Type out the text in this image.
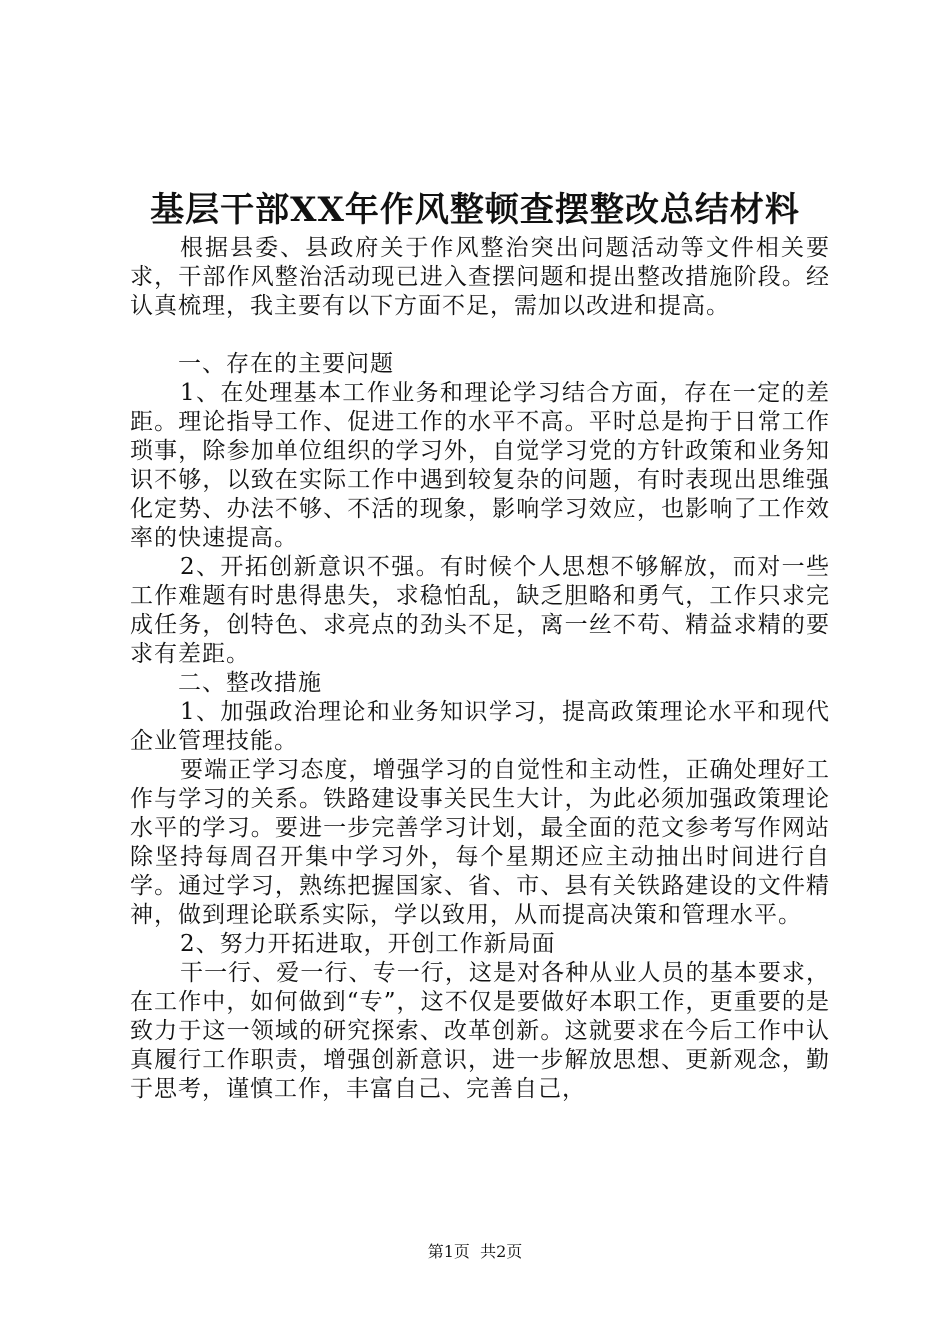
基层干部XX年作风整顿查摆整改总结材料

根据县委、县政府关于作风整治突出问题活动等文件相关要求，干部作风整治活动现已进入查摆问题和提出整改措施阶段。经认真梳理，我主要有以下方面不足，需加以改进和提高。

一、存在的主要问题

1、在处理基本工作业务和理论学习结合方面，存在一定的差距。理论指导工作、促进工作的水平不高。平时总是拘于日常工作琐事，除参加单位组织的学习外，自觉学习党的方针政策和业务知识不够，以致在实际工作中遇到较复杂的问题，有时表现出思维强化定势、办法不够、不活的现象，影响学习效应，也影响了工作效率的快速提高。

2、开拓创新意识不强。有时候个人思想不够解放，而对一些工作难题有时患得患失，求稳怕乱，缺乏胆略和勇气，工作只求完成任务，创特色、求亮点的劲头不足，离一丝不苟、精益求精的要求有差距。

二、整改措施

1、加强政治理论和业务知识学习，提高政策理论水平和现代企业管理技能。

要端正学习态度，增强学习的自觉性和主动性，正确处理好工作与学习的关系。铁路建设事关民生大计，为此必须加强政策理论水平的学习。要进一步完善学习计划，最全面的范文参考写作网站除坚持每周召开集中学习外，每个星期还应主动抽出时间进行自学。通过学习，熟练把握国家、省、市、县有关铁路建设的文件精神，做到理论联系实际，学以致用，从而提高决策和管理水平。

2、努力开拓进取，开创工作新局面

干一行、爱一行、专一行，这是对各种从业人员的基本要求，在工作中，如何做到“专”，这不仅是要做好本职工作，更重要的是致力于这一领域的研究探索、改革创新。这就要求在今后工作中认真履行工作职责，增强创新意识，进一步解放思想、更新观念，勤于思考，谨慎工作，丰富自己、完善自己，

第1页  共2页
